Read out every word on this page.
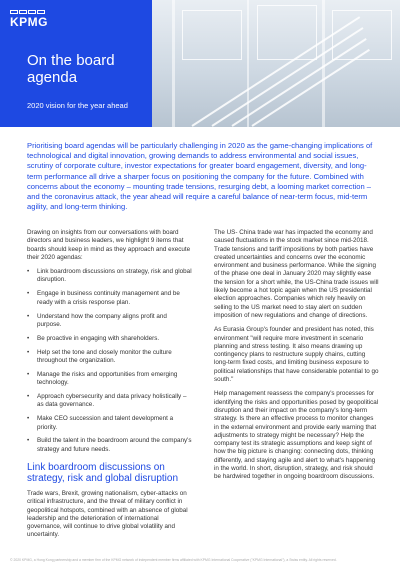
KPMG
On the board
agenda
2020 vision for the year ahead

Prioritising board agendas will be particularly challenging in 2020 as the game-changing implications of technological and digital innovation, growing demands to address environmental and social issues, scrutiny of corporate culture, investor expectations for greater board engagement, diversity, and long-term performance all drive a sharper focus on positioning the company for the future. Combined with concerns about the economy – mounting trade tensions, resurging debt, a looming market correction – and the coronavirus attack, the year ahead will require a careful balance of near-term focus, mid-term agility, and long-term thinking.

Drawing on insights from our conversations with board directors and business leaders, we highlight 9 items that boards should keep in mind as they approach and execute their 2020 agendas:

• Link boardroom discussions on strategy, risk and global disruption.
• Engage in business continuity management and be ready with a crisis response plan.
• Understand how the company aligns profit and purpose.
• Be proactive in engaging with shareholders.
• Help set the tone and closely monitor the culture throughout the organization.
• Manage the risks and opportunities from emerging technology.
• Approach cybersecurity and data privacy holistically – as data governance.
• Make CEO succession and talent development a priority.
• Build the talent in the boardroom around the company's strategy and future needs.
Link boardroom discussions on strategy, risk and global disruption

Trade wars, Brexit, growing nationalism, cyber-attacks on critical infrastructure, and the threat of military conflict in geopolitical hotspots, combined with an absence of global leadership and the deterioration of international governance, will continue to drive global volatility and uncertainty.

The US- China trade war has impacted the economy and caused fluctuations in the stock market since mid-2018. Trade tensions and tariff impositions by both parties have created uncertainties and concerns over the economic environment and business performance. While the signing of the phase one deal in January 2020 may slightly ease the tension for a short while, the US-China trade issues will likely become a hot topic again when the US presidential election approaches. Companies which rely heavily on selling to the US market need to stay alert on sudden imposition of new regulations and change of directions.

As Eurasia Group's founder and president has noted, this environment "will require more investment in scenario planning and stress testing. It also means drawing up contingency plans to restructure supply chains, cutting long-term fixed costs, and limiting business exposure to political relationships that have considerable potential to go south."

Help management reassess the company's processes for identifying the risks and opportunities posed by geopolitical disruption and their impact on the company's long-term strategy. Is there an effective process to monitor changes in the external environment and provide early warning that adjustments to strategy might be necessary? Help the company test its strategic assumptions and keep sight of how the big picture is changing: connecting dots, thinking differently, and staying agile and alert to what's happening in the world. In short, disruption, strategy, and risk should be hardwired together in ongoing boardroom discussions.

© 2020 KPMG, a Hong Kong partnership and a member firm of the KPMG network of independent member firms affiliated with KPMG International Cooperative ("KPMG International"), a Swiss entity. All rights reserved.
